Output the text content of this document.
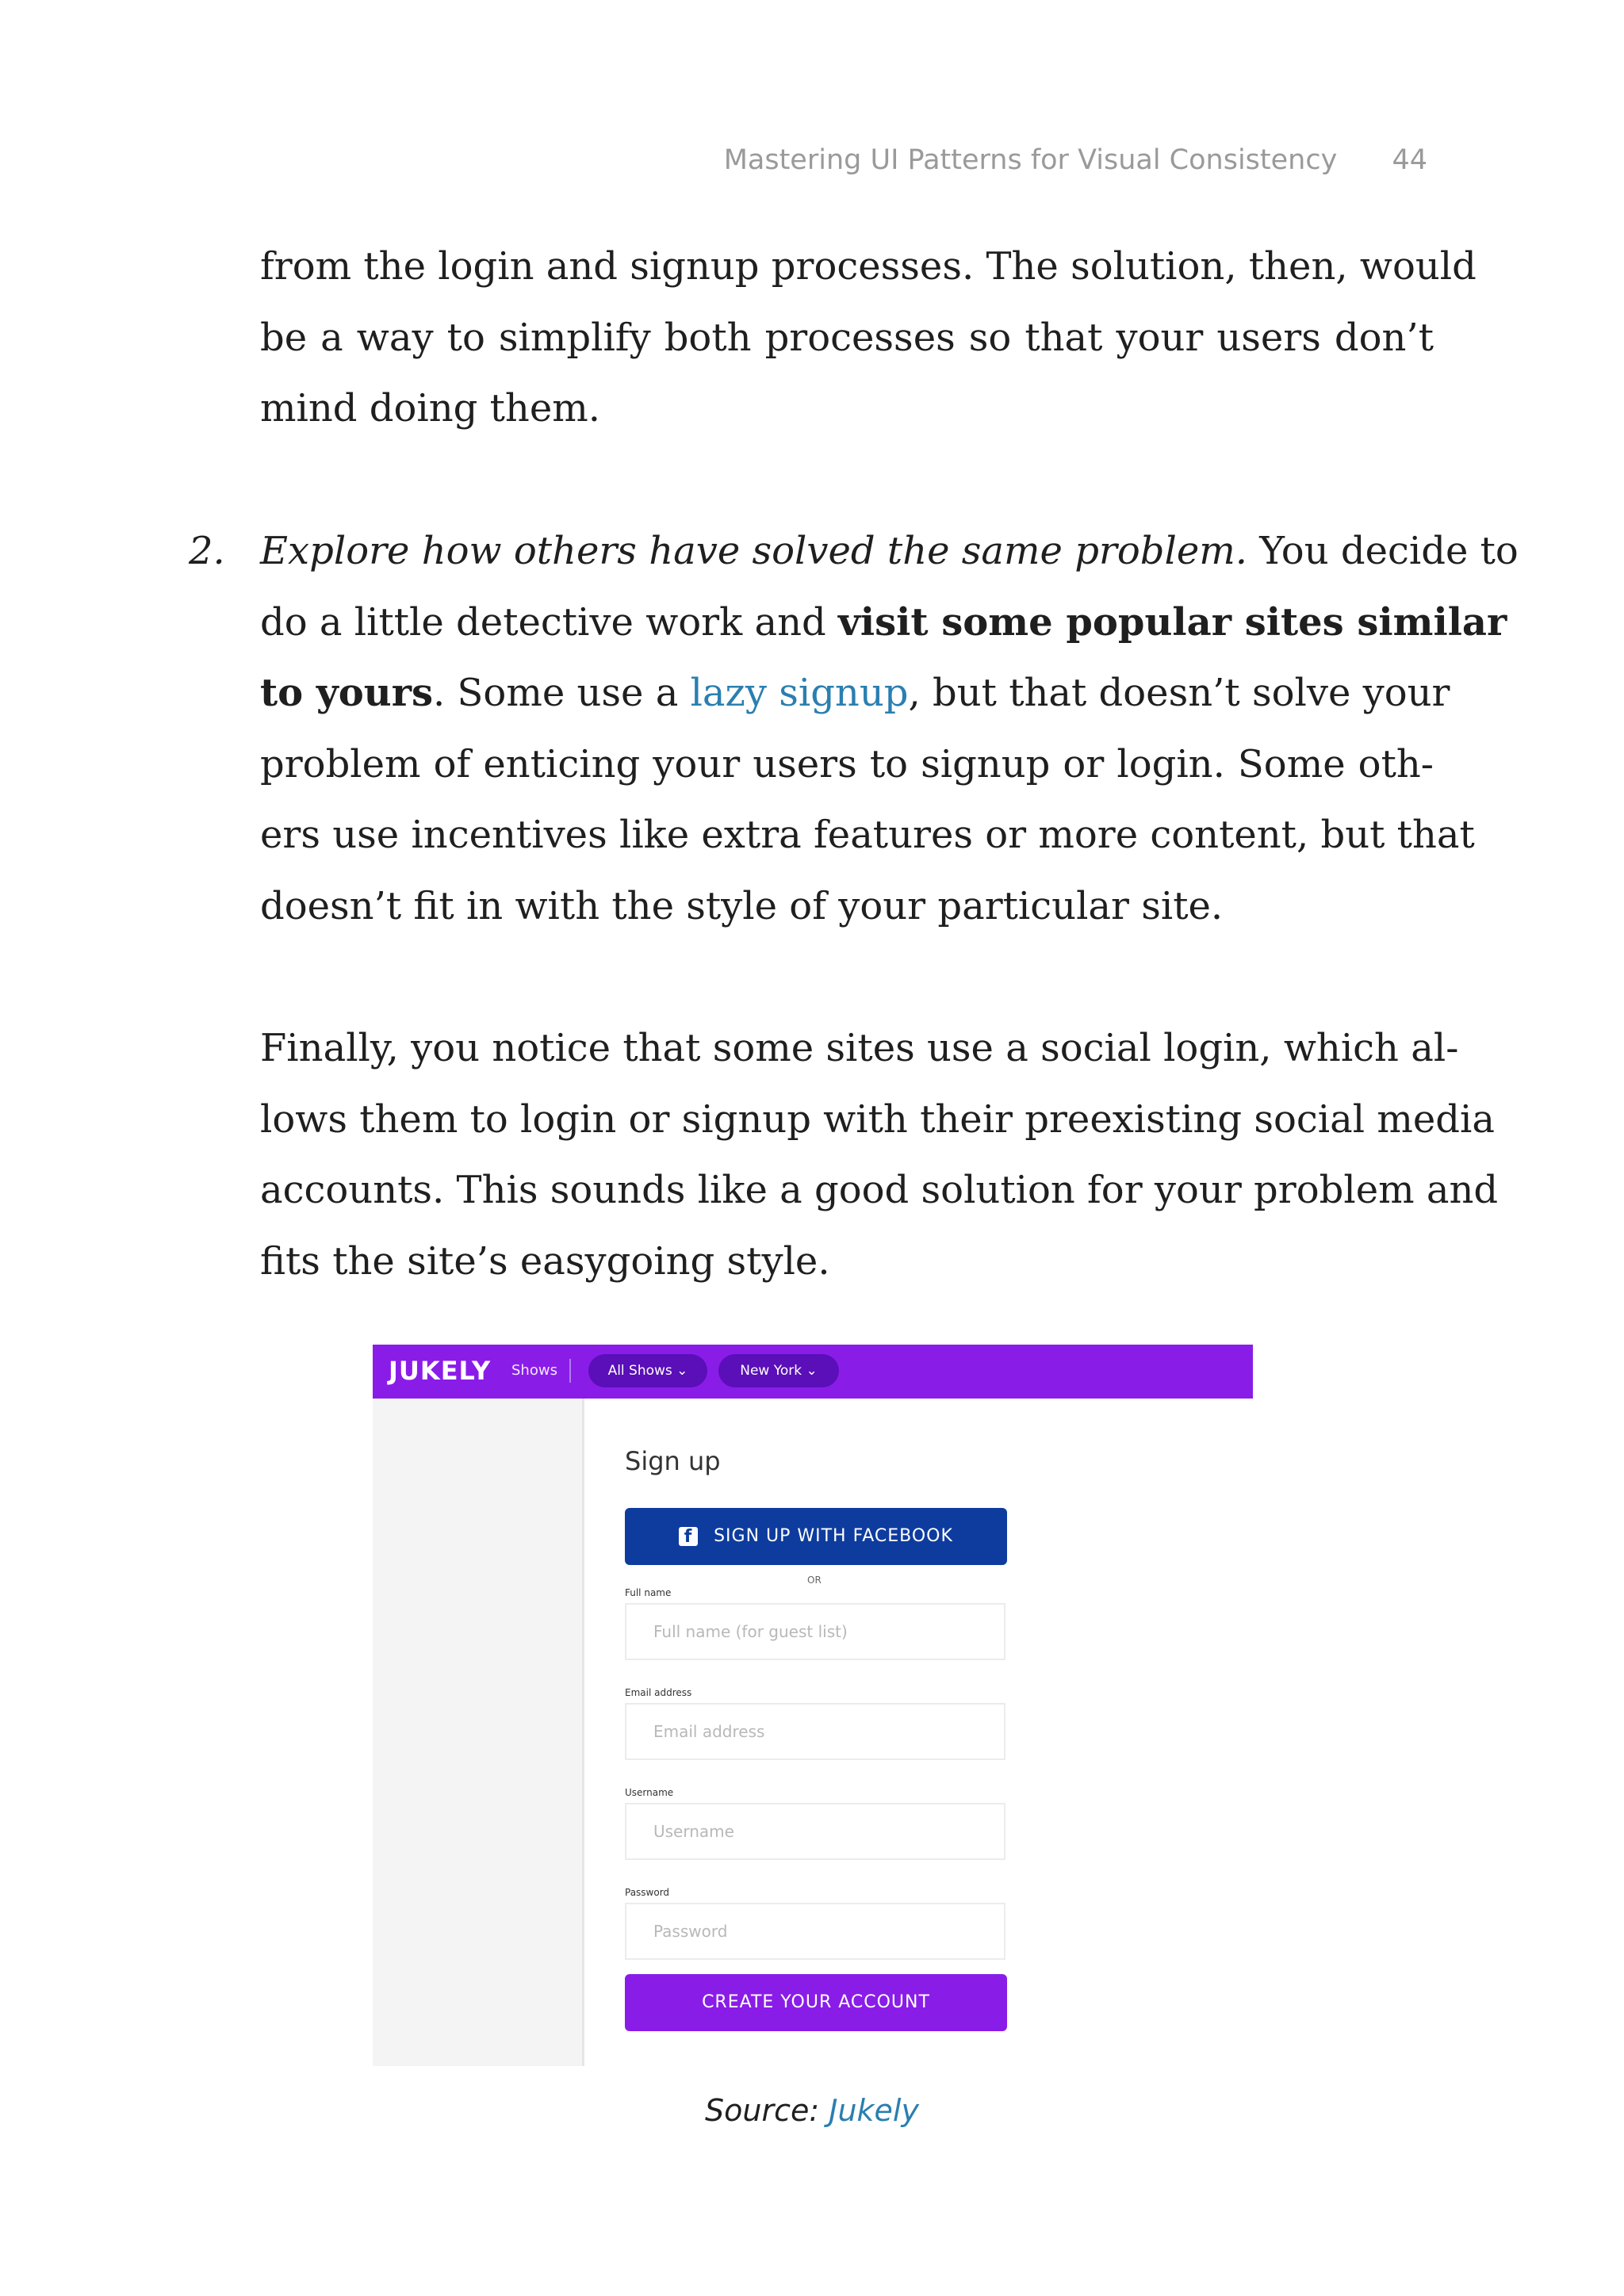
Mastering UI Patterns for Visual Consistency 44

from the login and signup processes. The solution, then, would
be a way to simplify both processes so that your users don’t
mind doing them.

2. Explore how others have solved the same problem. You decide to
do a little detective work and visit some popular sites similar
to yours. Some use a lazy signup, but that doesn’t solve your
problem of enticing your users to signup or login. Some oth-
ers use incentives like extra features or more content, but that
doesn’t fit in with the style of your particular site.

Finally, you notice that some sites use a social login, which al-
lows them to login or signup with their preexisting social media
accounts. This sounds like a good solution for your problem and
fits the site’s easygoing style.

JUKELY Shows	All Shows ⌄	New York ⌄
Sign up
f	SIGN UP WITH FACEBOOK
OR
Full name
Full name (for guest list)
Email address
Email address
Username
Username
Password
Password
CREATE YOUR ACCOUNT
Source: Jukely
